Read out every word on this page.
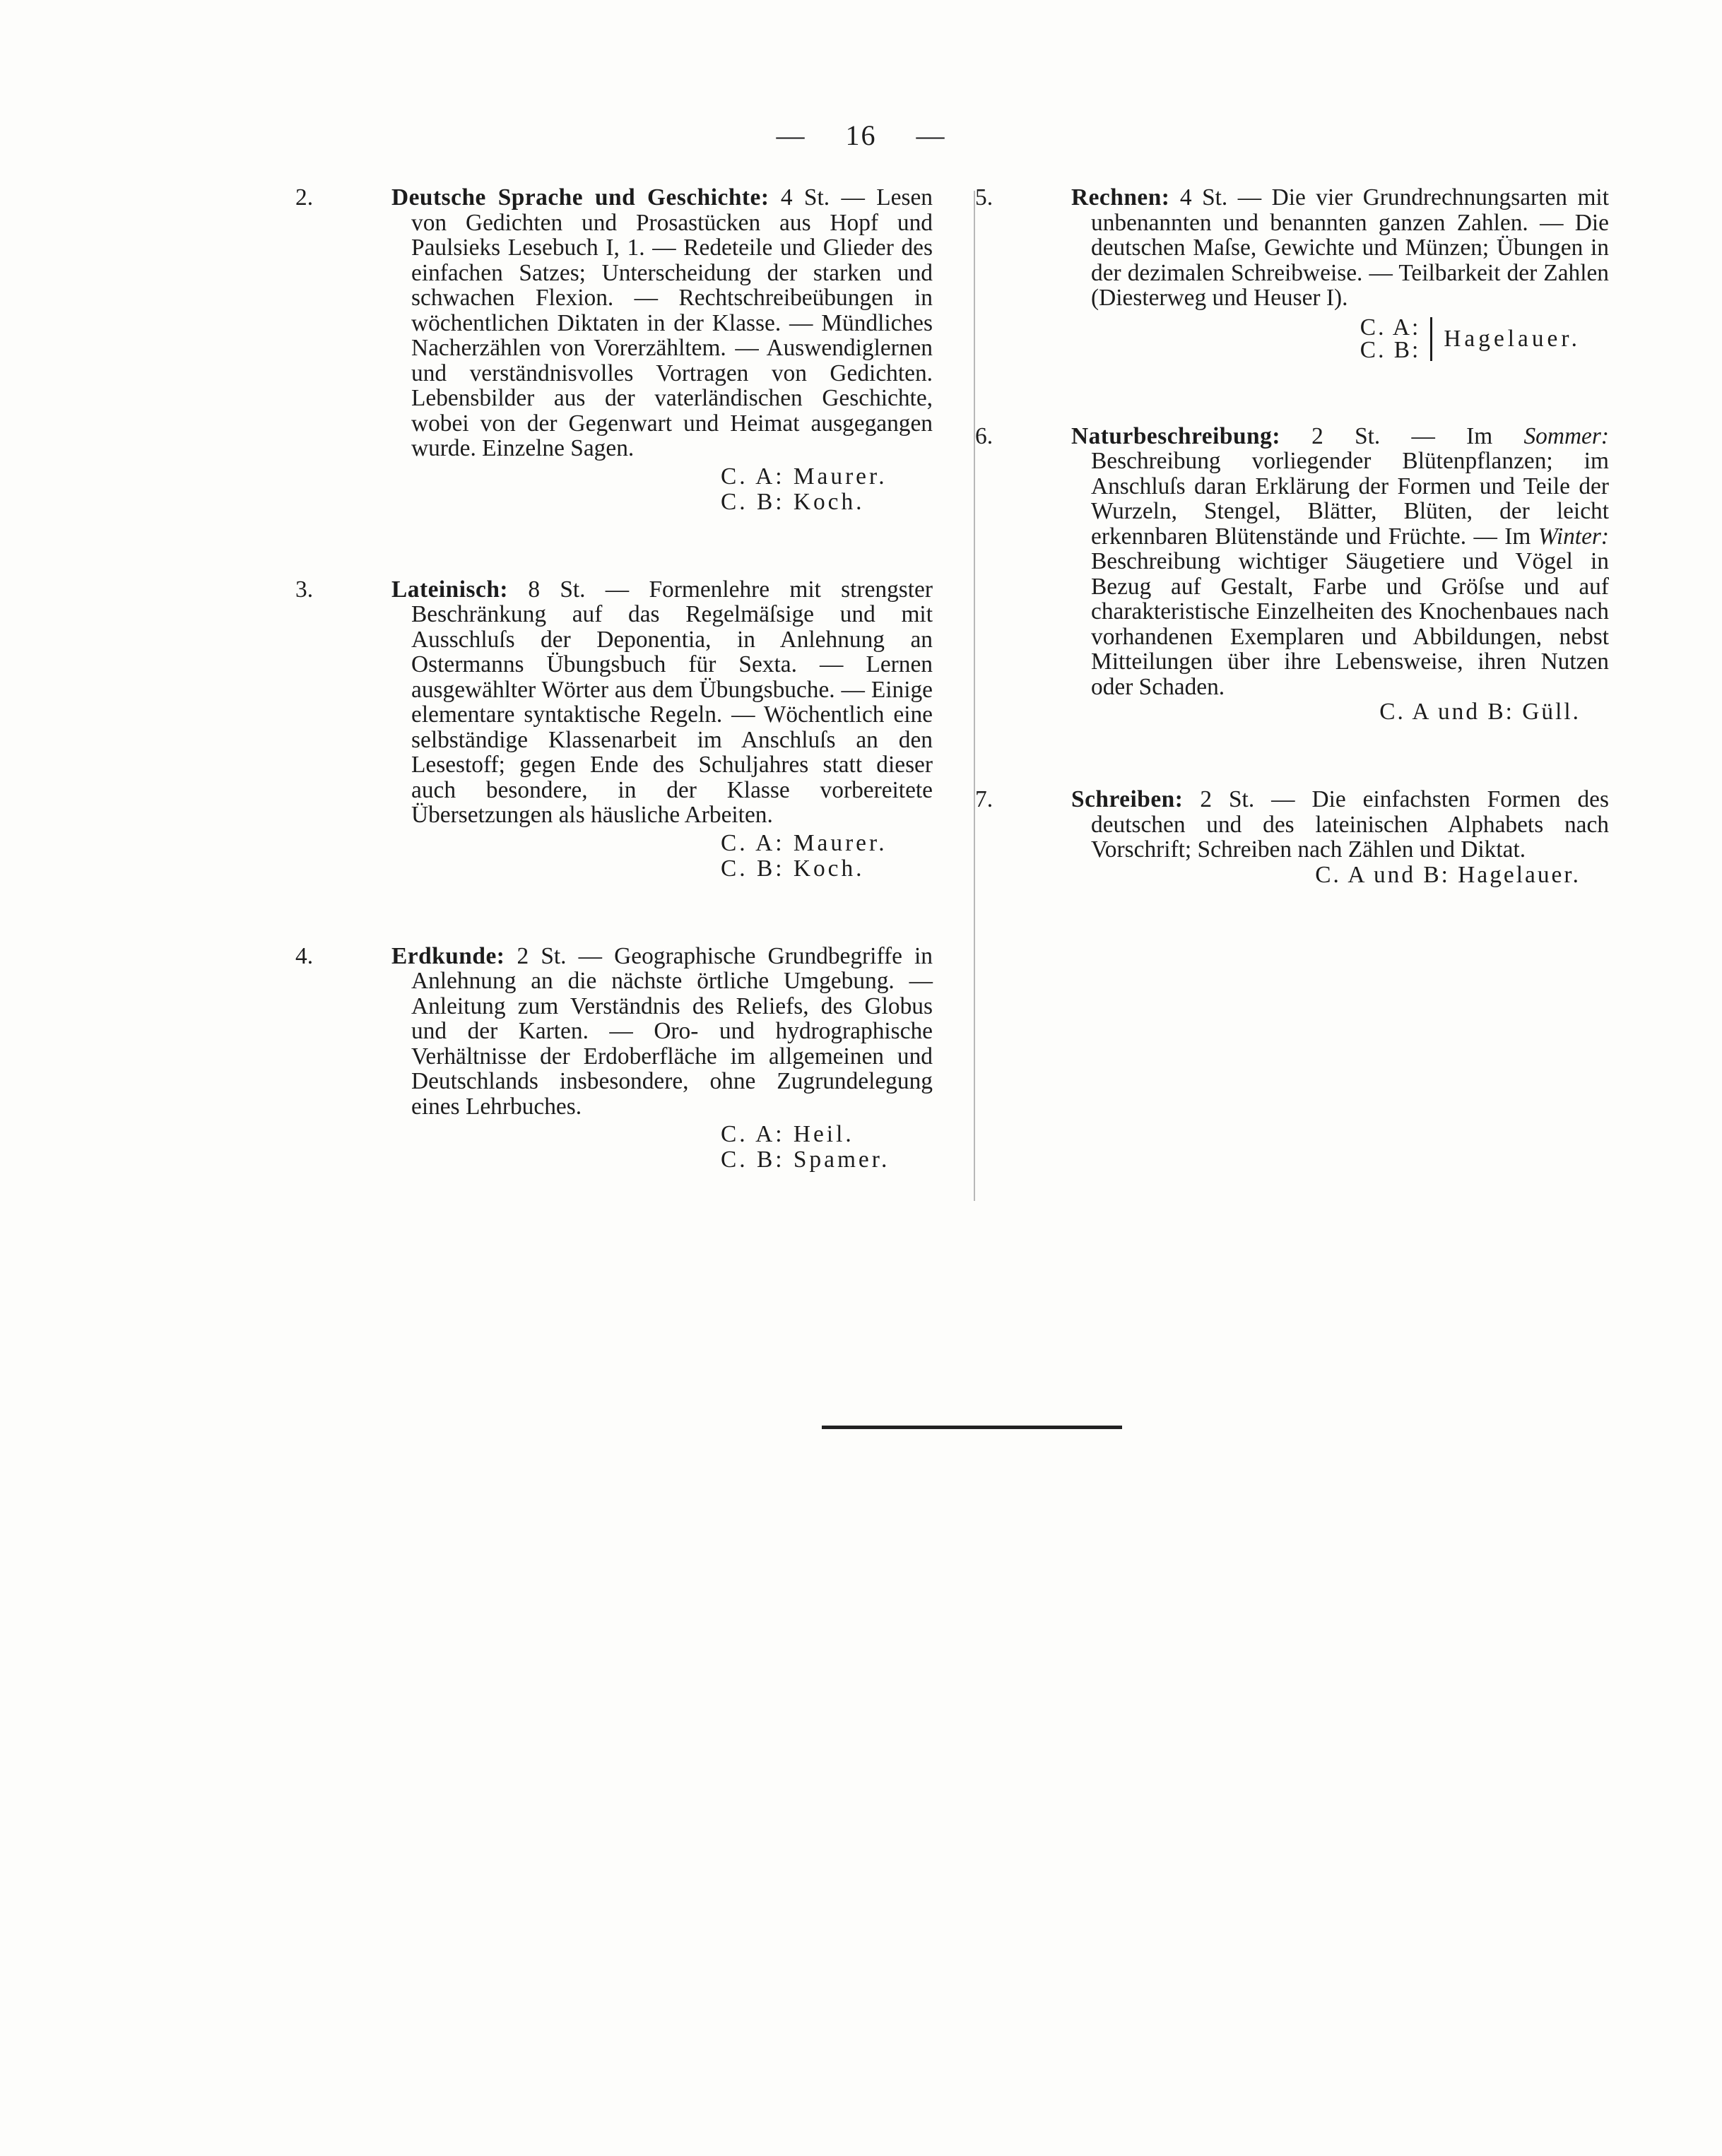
— 16 —

2.	Deutsche Sprache und Geschichte: 4 St. — Lesen von Gedichten und Prosastücken aus Hopf und Paulsieks Lesebuch I, 1. — Redeteile und Glieder des einfachen Satzes; Unterscheidung der starken und schwachen Flexion. — Rechtschreibeübungen in wöchentlichen Diktaten in der Klasse. — Mündliches Nacherzählen von Vorerzähltem. — Auswendiglernen und verständnisvolles Vortragen von Gedichten. Lebensbilder aus der vaterländischen Geschichte, wobei von der Gegenwart und Heimat ausgegangen wurde. Einzelne Sagen.

C. A: Maurer.
C. B: Koch.

3.	Lateinisch: 8 St. — Formenlehre mit strengster Beschränkung auf das Regelmäſsige und mit Ausschluſs der Deponentia, in Anlehnung an Ostermanns Übungsbuch für Sexta. — Lernen ausgewählter Wörter aus dem Übungsbuche. — Einige elementare syntaktische Regeln. — Wöchentlich eine selbständige Klassenarbeit im Anschluſs an den Lesestoff; gegen Ende des Schuljahres statt dieser auch besondere, in der Klasse vorbereitete Übersetzungen als häusliche Arbeiten.

C. A: Maurer.
C. B: Koch.

4.	Erdkunde: 2 St. — Geographische Grundbegriffe in Anlehnung an die nächste örtliche Umgebung. — Anleitung zum Verständnis des Reliefs, des Globus und der Karten. — Oro- und hydrographische Verhältnisse der Erdoberfläche im allgemeinen und Deutschlands insbesondere, ohne Zugrundelegung eines Lehrbuches.

C. A: Heil.
C. B: Spamer.

5.	Rechnen: 4 St. — Die vier Grundrechnungsarten mit unbenannten und benannten ganzen Zahlen. — Die deutschen Maſse, Gewichte und Münzen; Übungen in der dezimalen Schreibweise. — Teilbarkeit der Zahlen (Diesterweg und Heuser I).

C. A:
C. B: Hagelauer.

6.	Naturbeschreibung: 2 St. — Im Sommer: Beschreibung vorliegender Blütenpflanzen; im Anschluſs daran Erklärung der Formen und Teile der Wurzeln, Stengel, Blätter, Blüten, der leicht erkennbaren Blütenstände und Früchte. — Im Winter: Beschreibung wichtiger Säugetiere und Vögel in Bezug auf Gestalt, Farbe und Gröſse und auf charakteristische Einzelheiten des Knochenbaues nach vorhandenen Exemplaren und Abbildungen, nebst Mitteilungen über ihre Lebensweise, ihren Nutzen oder Schaden.

C. A und B: Güll.

7.	Schreiben: 2 St. — Die einfachsten Formen des deutschen und des lateinischen Alphabets nach Vorschrift; Schreiben nach Zählen und Diktat.

C. A und B: Hagelauer.
